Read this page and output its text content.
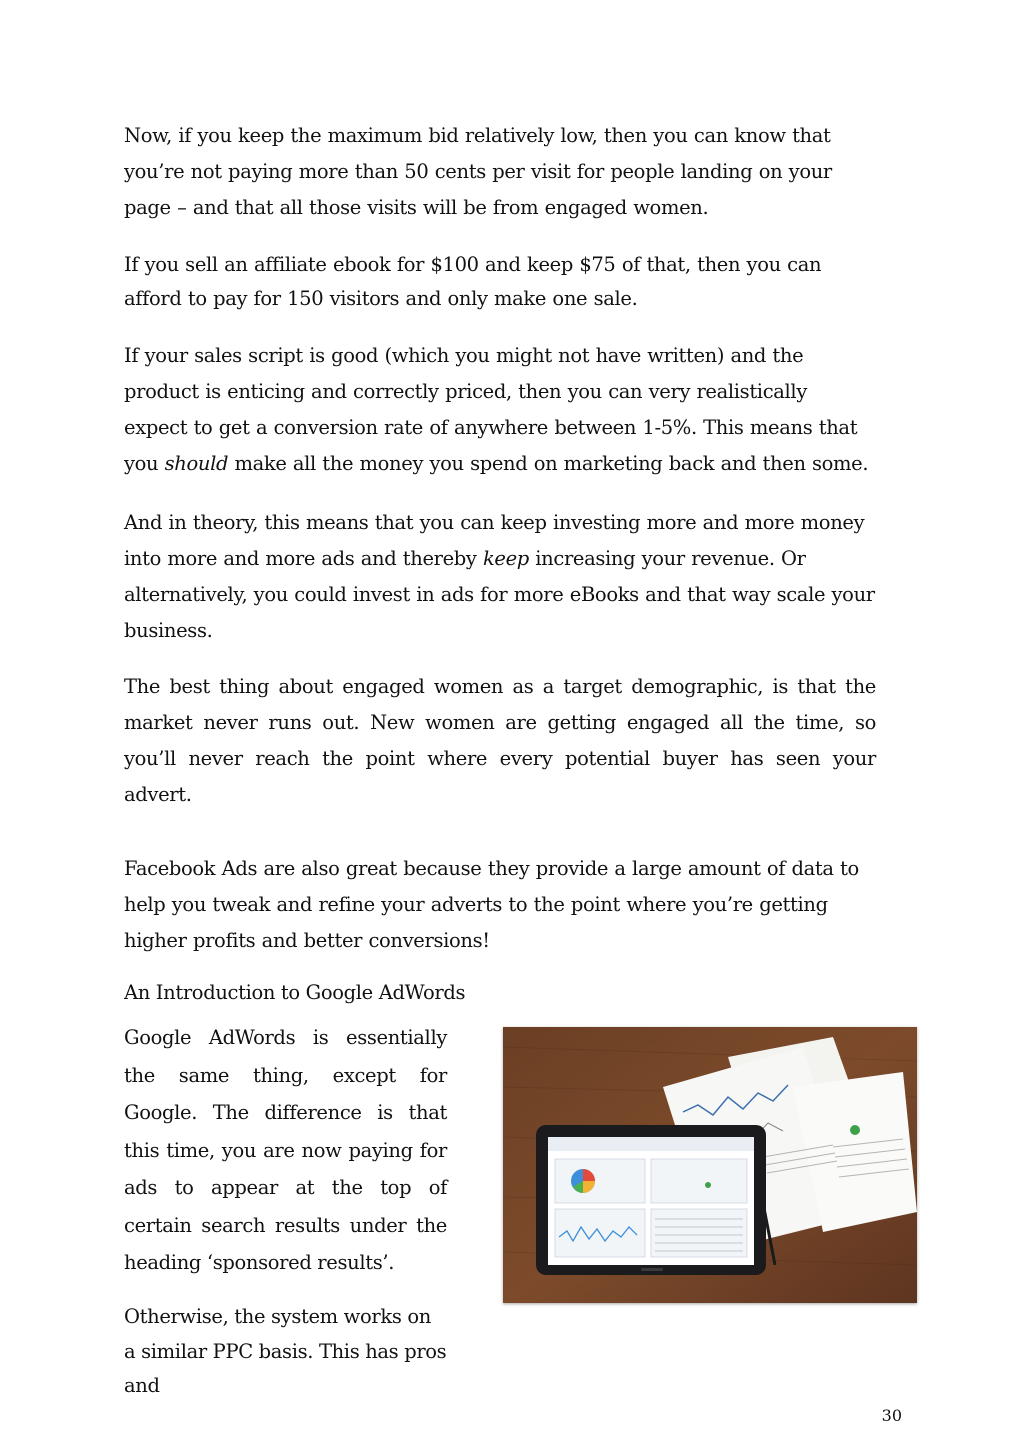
Now, if you keep the maximum bid relatively low, then you can know that you’re not paying more than 50 cents per visit for people landing on your page – and that all those visits will be from engaged women.

If you sell an affiliate ebook for $100 and keep $75 of that, then you can afford to pay for 150 visitors and only make one sale.

If your sales script is good (which you might not have written) and the product is enticing and correctly priced, then you can very realistically expect to get a conversion rate of anywhere between 1-5%. This means that you should make all the money you spend on marketing back and then some.

And in theory, this means that you can keep investing more and more money into more and more ads and thereby keep increasing your revenue. Or alternatively, you could invest in ads for more eBooks and that way scale your business.

The best thing about engaged women as a target demographic, is that the market never runs out. New women are getting engaged all the time, so you’ll never reach the point where every potential buyer has seen your advert.

Facebook Ads are also great because they provide a large amount of data to help you tweak and refine your adverts to the point where you’re getting higher profits and better conversions!

An Introduction to Google AdWords

Google AdWords is essentially the same thing, except for Google. The difference is that this time, you are now paying for ads to appear at the top of certain search results under the heading ‘sponsored results’.

Otherwise, the system works on a similar PPC basis. This has pros and

30
